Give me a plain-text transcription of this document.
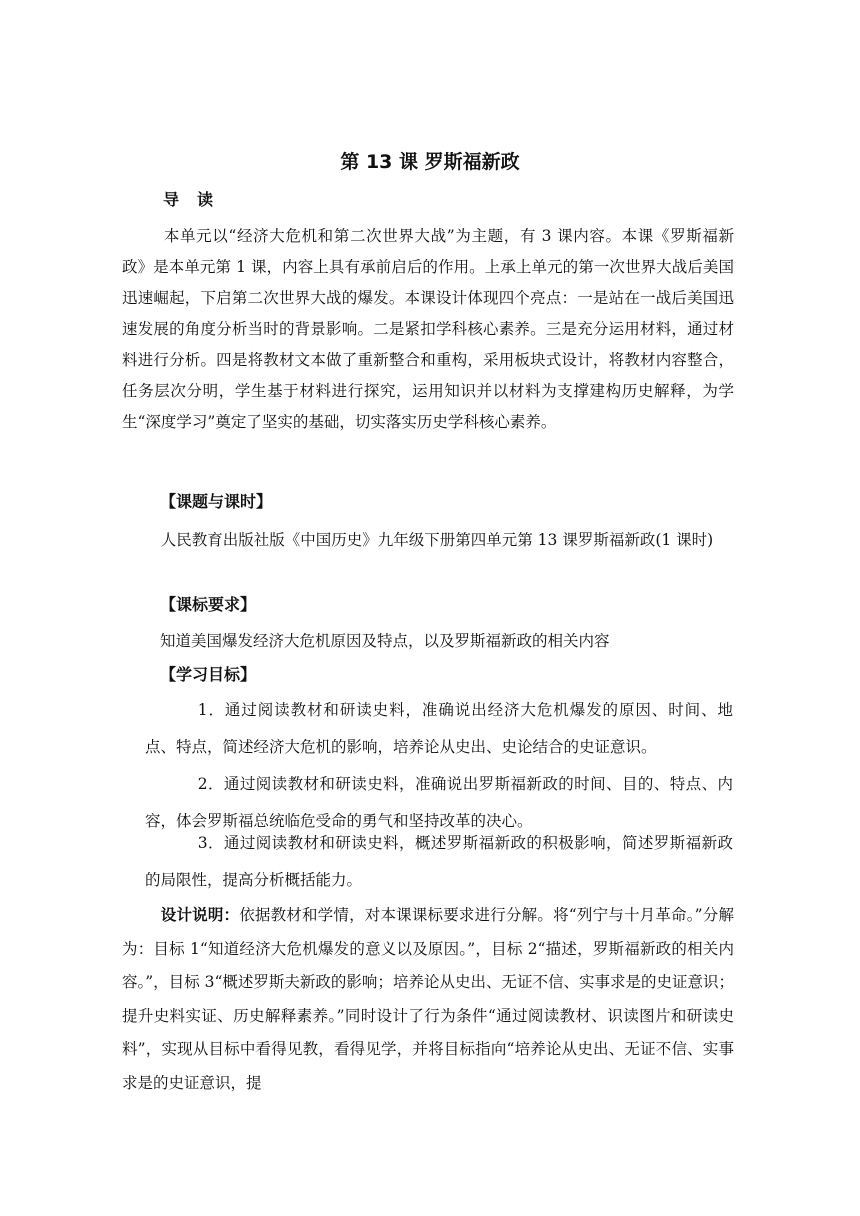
第 13 课 罗斯福新政
导读

本单元以“经济大危机和第二次世界大战”为主题，有 3 课内容。本课《罗斯福新政》是本单元第 1 课，内容上具有承前启后的作用。上承上单元的第一次世界大战后美国迅速崛起，下启第二次世界大战的爆发。本课设计体现四个亮点：一是站在一战后美国迅速发展的角度分析当时的背景影响。二是紧扣学科核心素养。三是充分运用材料，通过材料进行分析。四是将教材文本做了重新整合和重构，采用板块式设计，将教材内容整合，任务层次分明，学生基于材料进行探究，运用知识并以材料为支撑建构历史解释，为学生“深度学习”奠定了坚实的基础，切实落实历史学科核心素养。

【课题与课时】

人民教育出版社版《中国历史》九年级下册第四单元第 13 课罗斯福新政(1 课时)

【课标要求】
知道美国爆发经济大危机原因及特点，以及罗斯福新政的相关内容
【学习目标】

1．通过阅读教材和研读史料，准确说出经济大危机爆发的原因、时间、地点、特点，简述经济大危机的影响，培养论从史出、史论结合的史证意识。

2．通过阅读教材和研读史料，准确说出罗斯福新政的时间、目的、特点、内容，体会罗斯福总统临危受命的勇气和坚持改革的决心。

3．通过阅读教材和研读史料，概述罗斯福新政的积极影响，简述罗斯福新政的局限性，提高分析概括能力。

设计说明：依据教材和学情，对本课课标要求进行分解。将“列宁与十月革命。”分解为：目标 1“知道经济大危机爆发的意义以及原因。”，目标 2“描述，罗斯福新政的相关内容。”，目标 3“概述罗斯夫新政的影响；培养论从史出、无证不信、实事求是的史证意识；提升史料实证、历史解释素养。”同时设计了行为条件“通过阅读教材、识读图片和研读史料”，实现从目标中看得见教，看得见学，并将目标指向“培养论从史出、无证不信、实事求是的史证意识，提
